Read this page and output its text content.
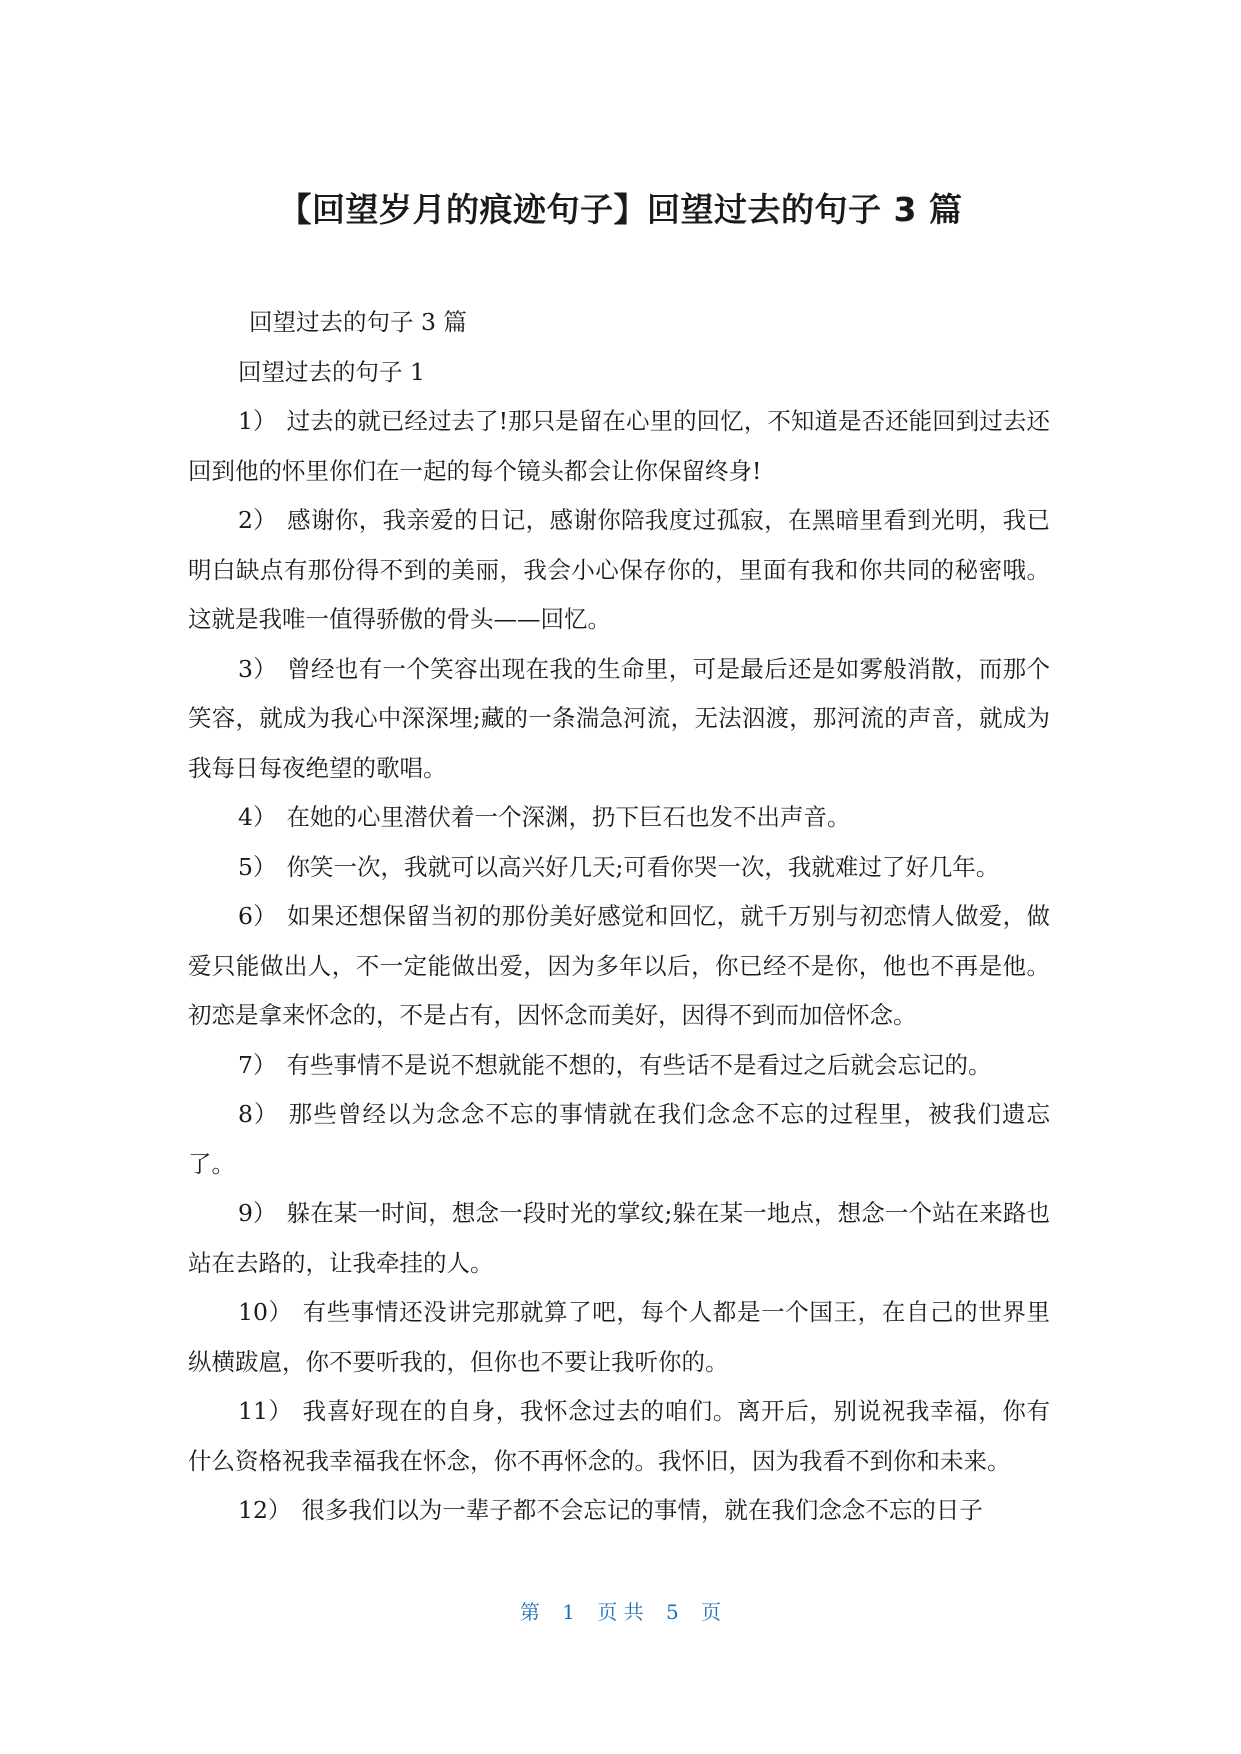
【回望岁月的痕迹句子】回望过去的句子 3 篇

回望过去的句子 3 篇

回望过去的句子 1

1） 过去的就已经过去了!那只是留在心里的回忆，不知道是否还能回到过去还回到他的怀里你们在一起的每个镜头都会让你保留终身!

2） 感谢你，我亲爱的日记，感谢你陪我度过孤寂，在黑暗里看到光明，我已明白缺点有那份得不到的美丽，我会小心保存你的，里面有我和你共同的秘密哦。这就是我唯一值得骄傲的骨头——回忆。

3） 曾经也有一个笑容出现在我的生命里，可是最后还是如雾般消散，而那个笑容，就成为我心中深深埋;藏的一条湍急河流，无法泅渡，那河流的声音，就成为我每日每夜绝望的歌唱。

4） 在她的心里潜伏着一个深渊，扔下巨石也发不出声音。

5） 你笑一次，我就可以高兴好几天;可看你哭一次，我就难过了好几年。

6） 如果还想保留当初的那份美好感觉和回忆，就千万别与初恋情人做爱，做爱只能做出人，不一定能做出爱，因为多年以后，你已经不是你，他也不再是他。初恋是拿来怀念的，不是占有，因怀念而美好，因得不到而加倍怀念。

7） 有些事情不是说不想就能不想的，有些话不是看过之后就会忘记的。

8） 那些曾经以为念念不忘的事情就在我们念念不忘的过程里，被我们遗忘了。

9） 躲在某一时间，想念一段时光的掌纹;躲在某一地点，想念一个站在来路也站在去路的，让我牵挂的人。

10） 有些事情还没讲完那就算了吧，每个人都是一个国王，在自己的世界里纵横跋扈，你不要听我的，但你也不要让我听你的。

11） 我喜好现在的自身，我怀念过去的咱们。离开后，别说祝我幸福，你有什么资格祝我幸福我在怀念，你不再怀念的。我怀旧，因为我看不到你和未来。

12） 很多我们以为一辈子都不会忘记的事情，就在我们念念不忘的日子

第 1 页 共 5 页
